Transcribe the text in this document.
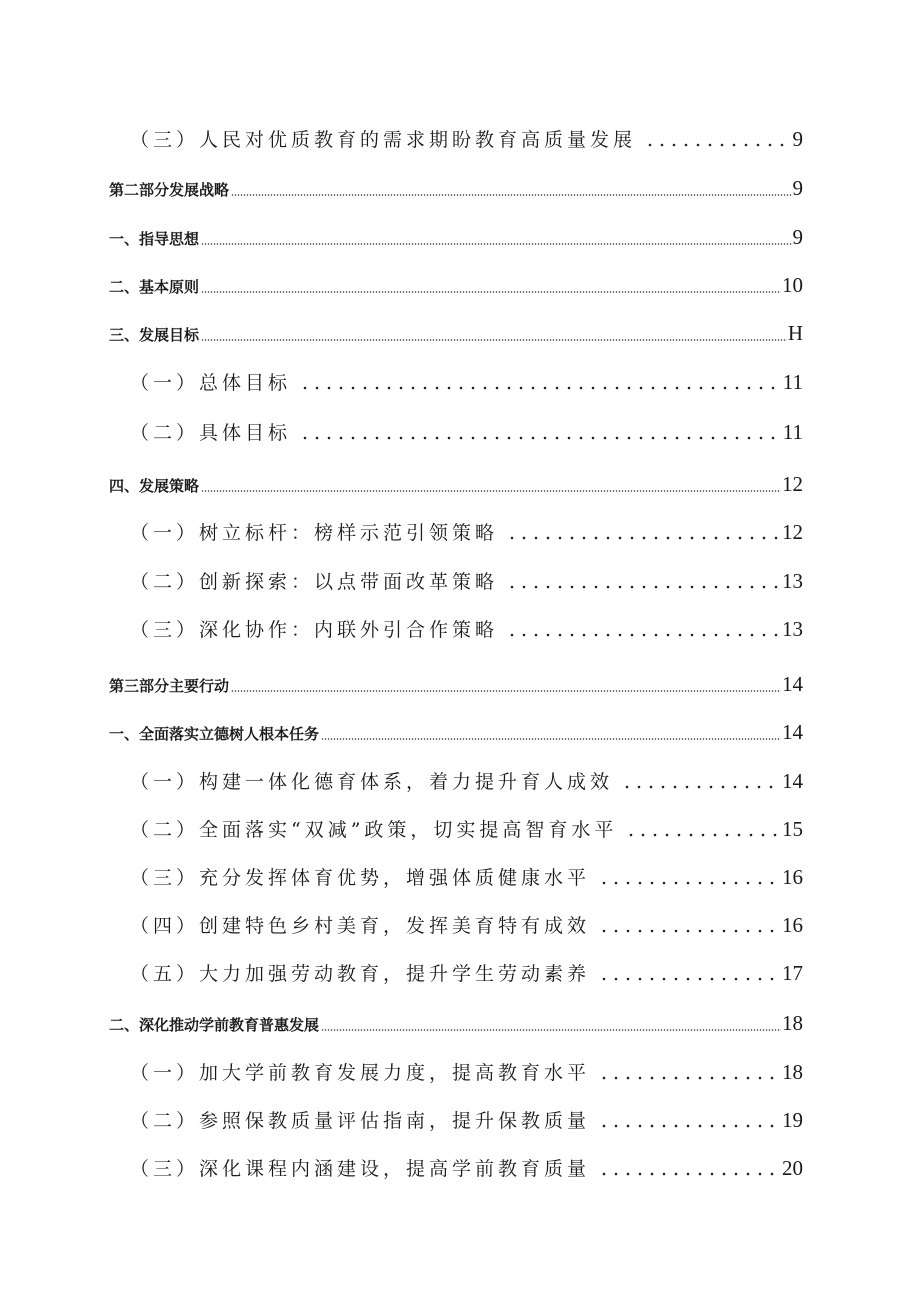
（三）人民对优质教育的需求期盼教育高质量发展	9
第二部分发展战略	9
一、指导思想	9
二、基本原则	10
三、发展目标	H
（一）总体目标	11
（二）具体目标	11
四、发展策略	12
（一）树立标杆：榜样示范引领策略	12
（二）创新探索：以点带面改革策略	13
（三）深化协作：内联外引合作策略	13
第三部分主要行动	14
一、全面落实立德树人根本任务	14
（一）构建一体化德育体系，着力提升育人成效	14
（二）全面落实“双减”政策，切实提高智育水平	15
（三）充分发挥体育优势，增强体质健康水平	16
（四）创建特色乡村美育，发挥美育特有成效	16
（五）大力加强劳动教育，提升学生劳动素养	17
二、深化推动学前教育普惠发展	18
（一）加大学前教育发展力度，提高教育水平	18
（二）参照保教质量评估指南，提升保教质量	19
（三）深化课程内涵建设，提高学前教育质量	20
